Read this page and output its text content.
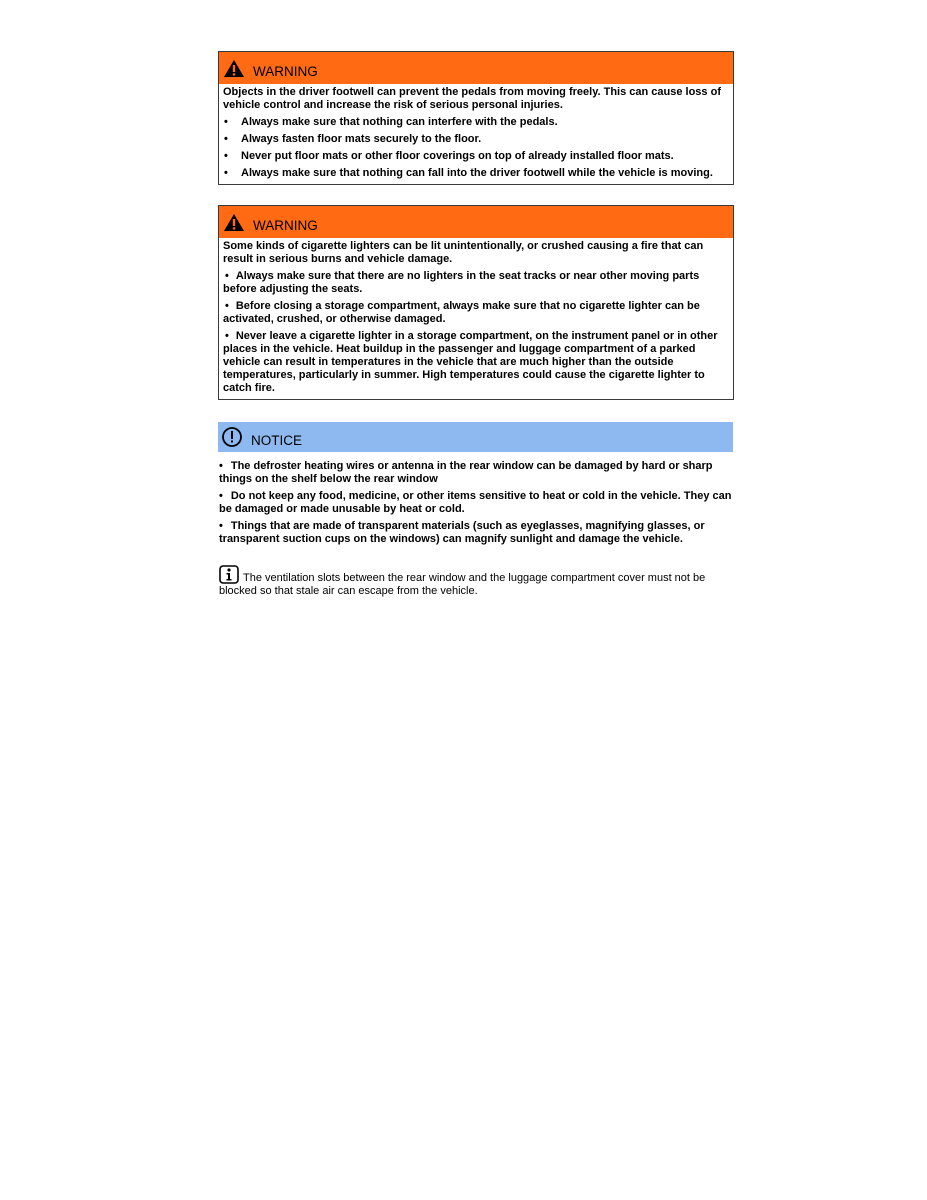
WARNING

Objects in the driver footwell can prevent the pedals from moving freely. This can cause loss of vehicle control and increase the risk of serious personal injuries.

•	Always make sure that nothing can interfere with the pedals.
•	Always fasten floor mats securely to the floor.
•	Never put floor mats or other floor coverings on top of already installed floor mats.
•	Always make sure that nothing can fall into the driver footwell while the vehicle is moving.
WARNING

Some kinds of cigarette lighters can be lit unintentionally, or crushed causing a fire that can result in serious burns and vehicle damage.

• Always make sure that there are no lighters in the seat tracks or near other moving parts before adjusting the seats.

• Before closing a storage compartment, always make sure that no cigarette lighter can be activated, crushed, or otherwise damaged.

• Never leave a cigarette lighter in a storage compartment, on the instrument panel or in other places in the vehicle. Heat buildup in the passenger and luggage compartment of a parked vehicle can result in temperatures in the vehicle that are much higher than the outside temperatures, particularly in summer. High temperatures could cause the cigarette lighter to catch fire.

NOTICE

• The defroster heating wires or antenna in the rear window can be damaged by hard or sharp things on the shelf below the rear window

• Do not keep any food, medicine, or other items sensitive to heat or cold in the vehicle. They can be damaged or made unusable by heat or cold.

• Things that are made of transparent materials (such as eyeglasses, magnifying glasses, or transparent suction cups on the windows) can magnify sunlight and damage the vehicle.

The ventilation slots between the rear window and the luggage compartment cover must not be blocked so that stale air can escape from the vehicle.
